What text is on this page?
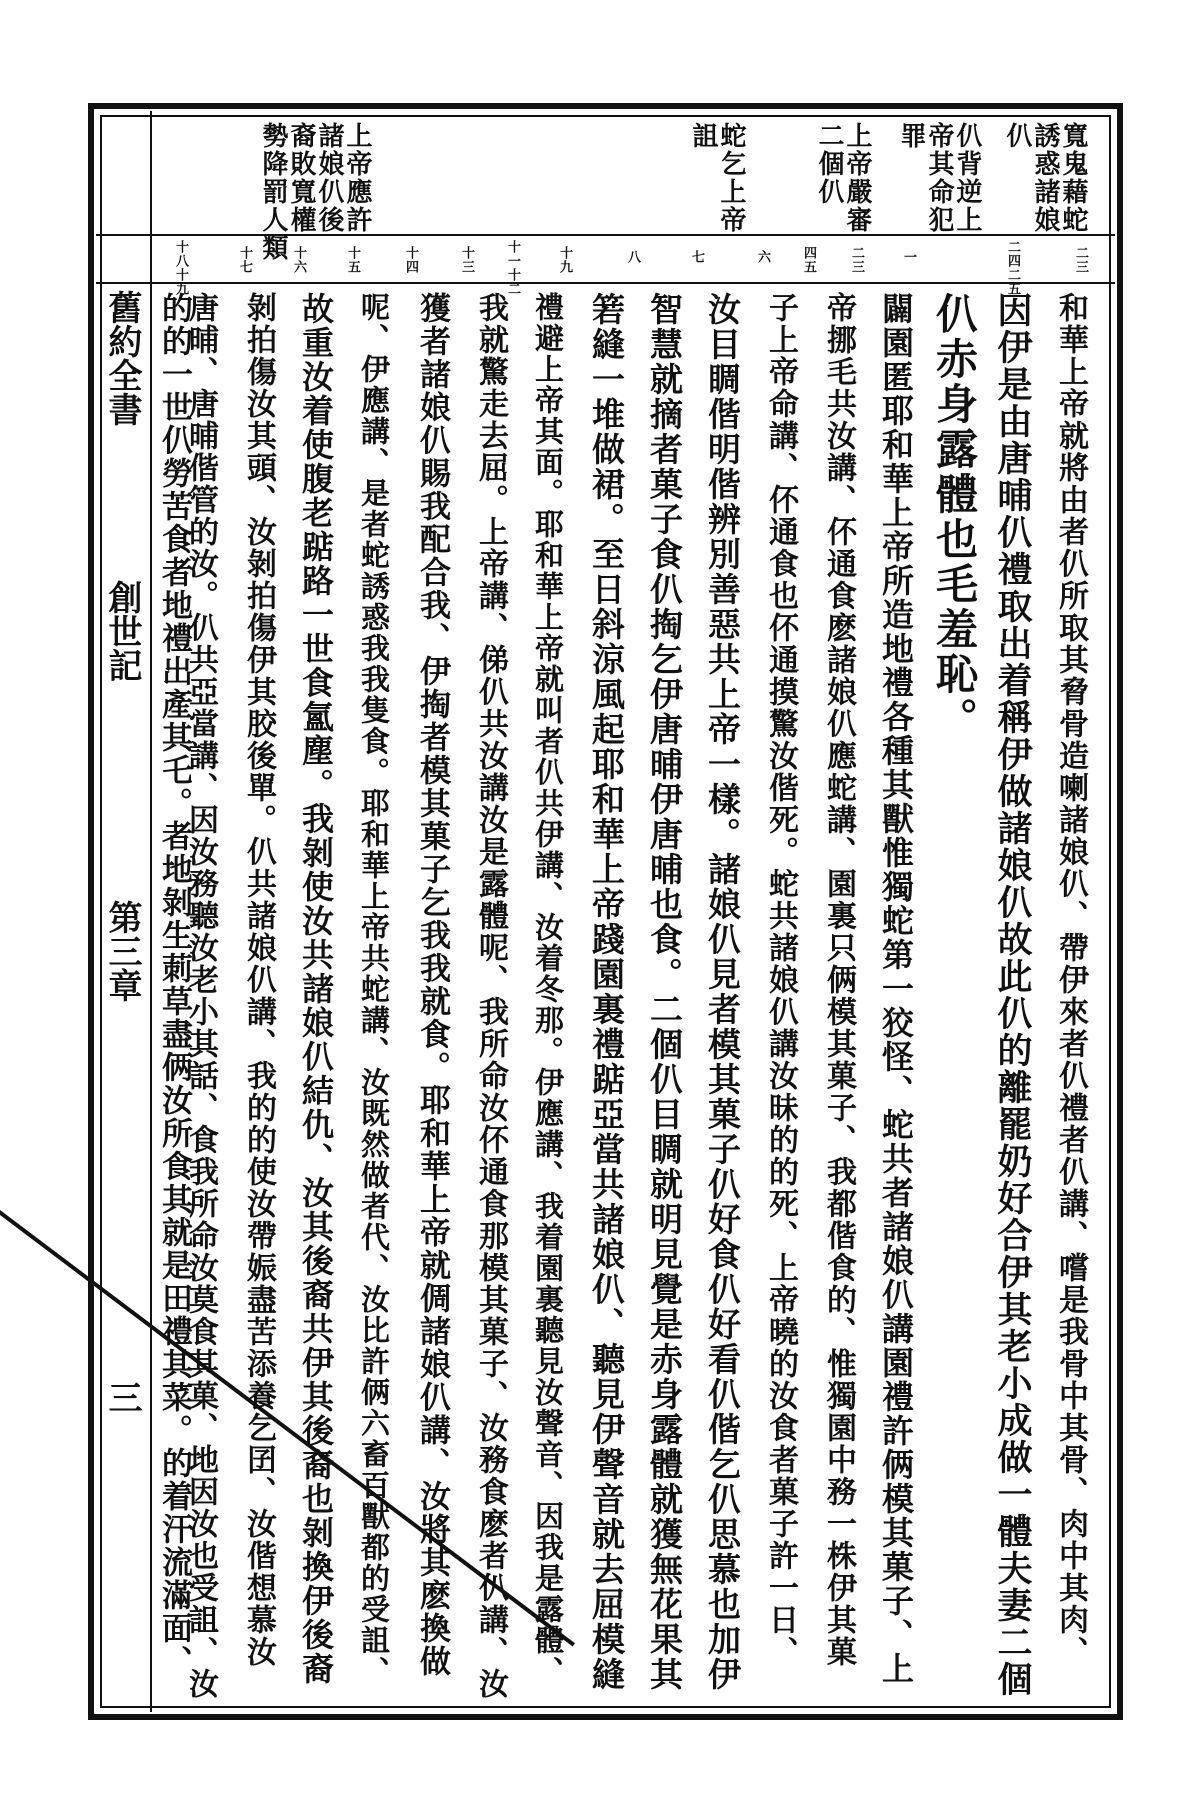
舊約全書
創世記
第三章
三
寬鬼藉蛇
誘惑諸娘
仈
仈背逆上
帝其命犯
罪
上帝嚴審
二個仈
蛇乞上帝
詛
上帝應許
諸娘仈後
裔敗寬權
勢降罰人類	二三
二四二五
一
二三
四五
六
七
八
十九
十一十二
十三
十四
十五
十六
十七
十八十九
和華上帝就將由者仈所取其脅骨造喇諸娘仈、帶伊來者仈禮者仈講、嚐是我骨中其骨、肉中其肉、
因伊是由唐晡仈禮取出着稱伊做諸娘仈故此仈的離罷奶好合伊其老小成做一體夫妻二個
仈赤身露體也毛羞恥。
闢園匿耶和華上帝所造地禮各種其獸惟獨蛇第一狡怪、蛇共者諸娘仈講園禮許俩模其菓子、上
帝挪毛共汝講、伓通食麽諸娘仈應蛇講、園裏只俩模其菓子、我都偕食的、惟獨園中務一株伊其菓
子上帝命講、伓通食也伓通摸驚汝偕死。蛇共諸娘仈講汝昧的的死、上帝曉的汝食者菓子許一日、
汝目睭偕明偕辨別善惡共上帝一樣。諸娘仈見者模其菓子仈好食仈好看仈偕乞仈思慕也加伊
智慧就摘者菓子食仈掏乞伊唐晡伊唐晡也食。二個仈目睭就明見覺是赤身露體就獲無花果其
箬縫一堆做裙。至日斜涼風起耶和華上帝踐園裏禮踮亞當共諸娘仈、聽見伊聲音就去屈模縫
禮避上帝其面。耶和華上帝就叫者仈共伊講、汝着冬那。伊應講、我着園裏聽見汝聲音、因我是露體、
我就驚走去屈。上帝講、俤仈共汝講汝是露體呢、我所命汝伓通食那模其菓子、汝務食麽者仈講、汝
獲者諸娘仈賜我配合我、伊掏者模其菓子乞我我就食。耶和華上帝就倜諸娘仈講、汝將其麽換做
呢、伊應講、是者蛇誘惑我我隻食。耶和華上帝共蛇講、汝既然做者代、汝比許俩六畜百獸都的受詛、
故重汝着使腹老踮路一世食氳塵。我剝使汝共諸娘仈結仇、汝其後裔共伊其後裔也剝換伊後裔
剝拍傷汝其頭、汝剝拍傷伊其胶後單。仈共諸娘仈講、我的的使汝帶娠盡苦添養乞囝、汝偕想慕汝
唐晡、唐晡偕管的汝。仈共亞當講、因汝務聽汝老小其話、食我所命汝莫食其菓、地因汝也受詛、汝
的的一世仈勞苦食者地禮出產其乇。者地剝生莿草盡俩汝所食其就是田禮其菜。的着汗流滿面、
